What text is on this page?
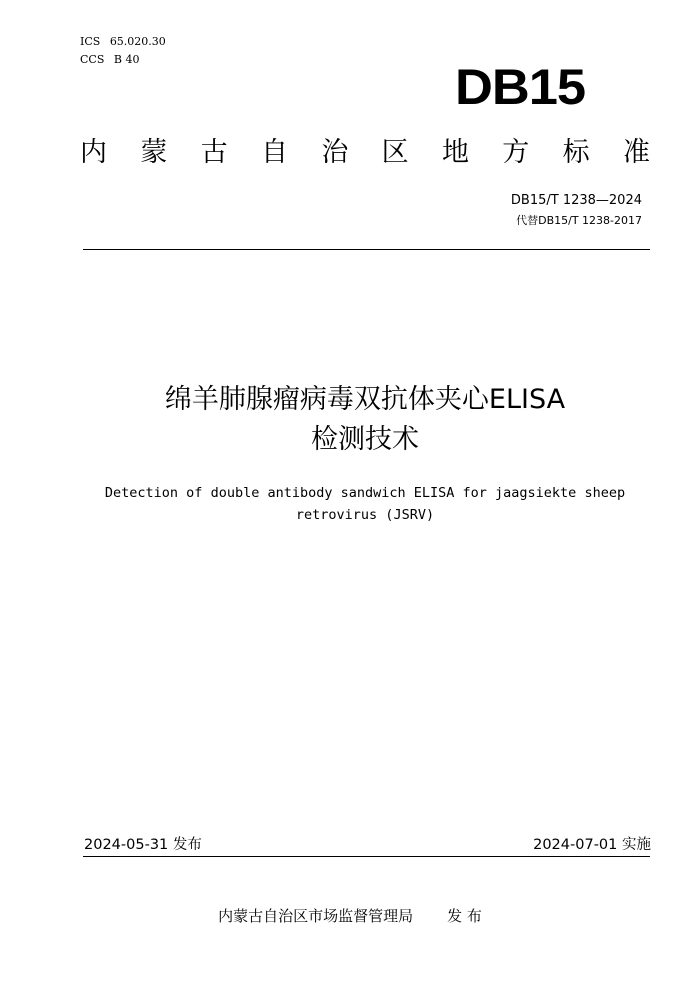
ICS 65.020.30
CCS B 40	DB15
内 蒙 古 自 治 区 地 方 标 准
DB15/T 1238—2024
代替DB15/T 1238-2017
绵羊肺腺瘤病毒双抗体夹心ELISA
检测技术
Detection of double antibody sandwich ELISA for jaagsiekte sheep
retrovirus (JSRV)
2024-05-31 发布	2024-07-01 实施
内蒙古自治区市场监督管理局 发 布
